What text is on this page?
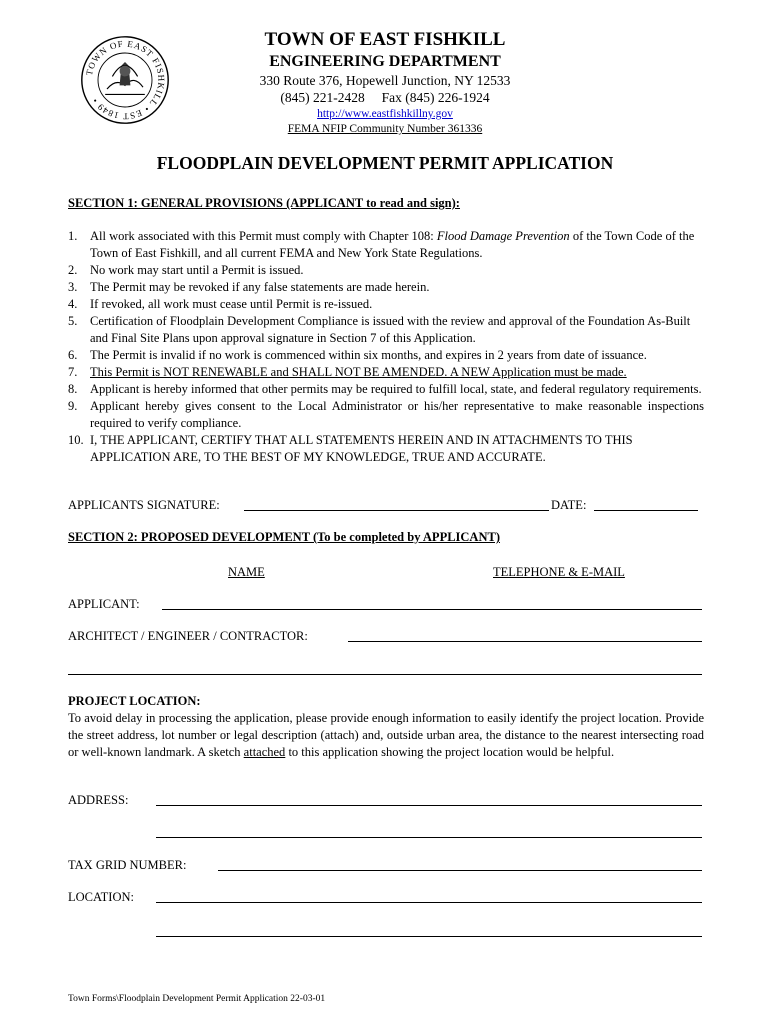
TOWN OF EAST FISHKILL • EST 1849 •
TOWN OF EAST FISHKILL
ENGINEERING DEPARTMENT
330 Route 376, Hopewell Junction, NY 12533
(845) 221-2428 Fax (845) 226-1924
http://www.eastfishkillny.gov
FEMA NFIP Community Number 361336
FLOODPLAIN DEVELOPMENT PERMIT APPLICATION
SECTION 1: GENERAL PROVISIONS (APPLICANT to read and sign):
1.	All work associated with this Permit must comply with Chapter 108: Flood Damage Prevention of the Town Code of the Town of East Fishkill, and all current FEMA and New York State Regulations.
2.	No work may start until a Permit is issued.
3.	The Permit may be revoked if any false statements are made herein.
4.	If revoked, all work must cease until Permit is re-issued.
5.	Certification of Floodplain Development Compliance is issued with the review and approval of the Foundation As-Built and Final Site Plans upon approval signature in Section 7 of this Application.
6.	The Permit is invalid if no work is commenced within six months, and expires in 2 years from date of issuance.
7.	This Permit is NOT RENEWABLE and SHALL NOT BE AMENDED. A NEW Application must be made.
8.	Applicant is hereby informed that other permits may be required to fulfill local, state, and federal regulatory requirements.
9.	Applicant hereby gives consent to the Local Administrator or his/her representative to make reasonable inspections required to verify compliance.
10. I, THE APPLICANT, CERTIFY THAT ALL STATEMENTS HEREIN AND IN ATTACHMENTS TO THIS APPLICATION ARE, TO THE BEST OF MY KNOWLEDGE, TRUE AND ACCURATE.
APPLICANTS SIGNATURE:	DATE:
SECTION 2: PROPOSED DEVELOPMENT (To be completed by APPLICANT)
NAME	TELEPHONE & E-MAIL
APPLICANT:
ARCHITECT / ENGINEER / CONTRACTOR:
PROJECT LOCATION:
To avoid delay in processing the application, please provide enough information to easily identify the project location. Provide the street address, lot number or legal description (attach) and, outside urban area, the distance to the nearest intersecting road or well-known landmark. A sketch attached to this application showing the project location would be helpful.
ADDRESS:
TAX GRID NUMBER:
LOCATION:
Town Forms\Floodplain Development Permit Application 22-03-01
